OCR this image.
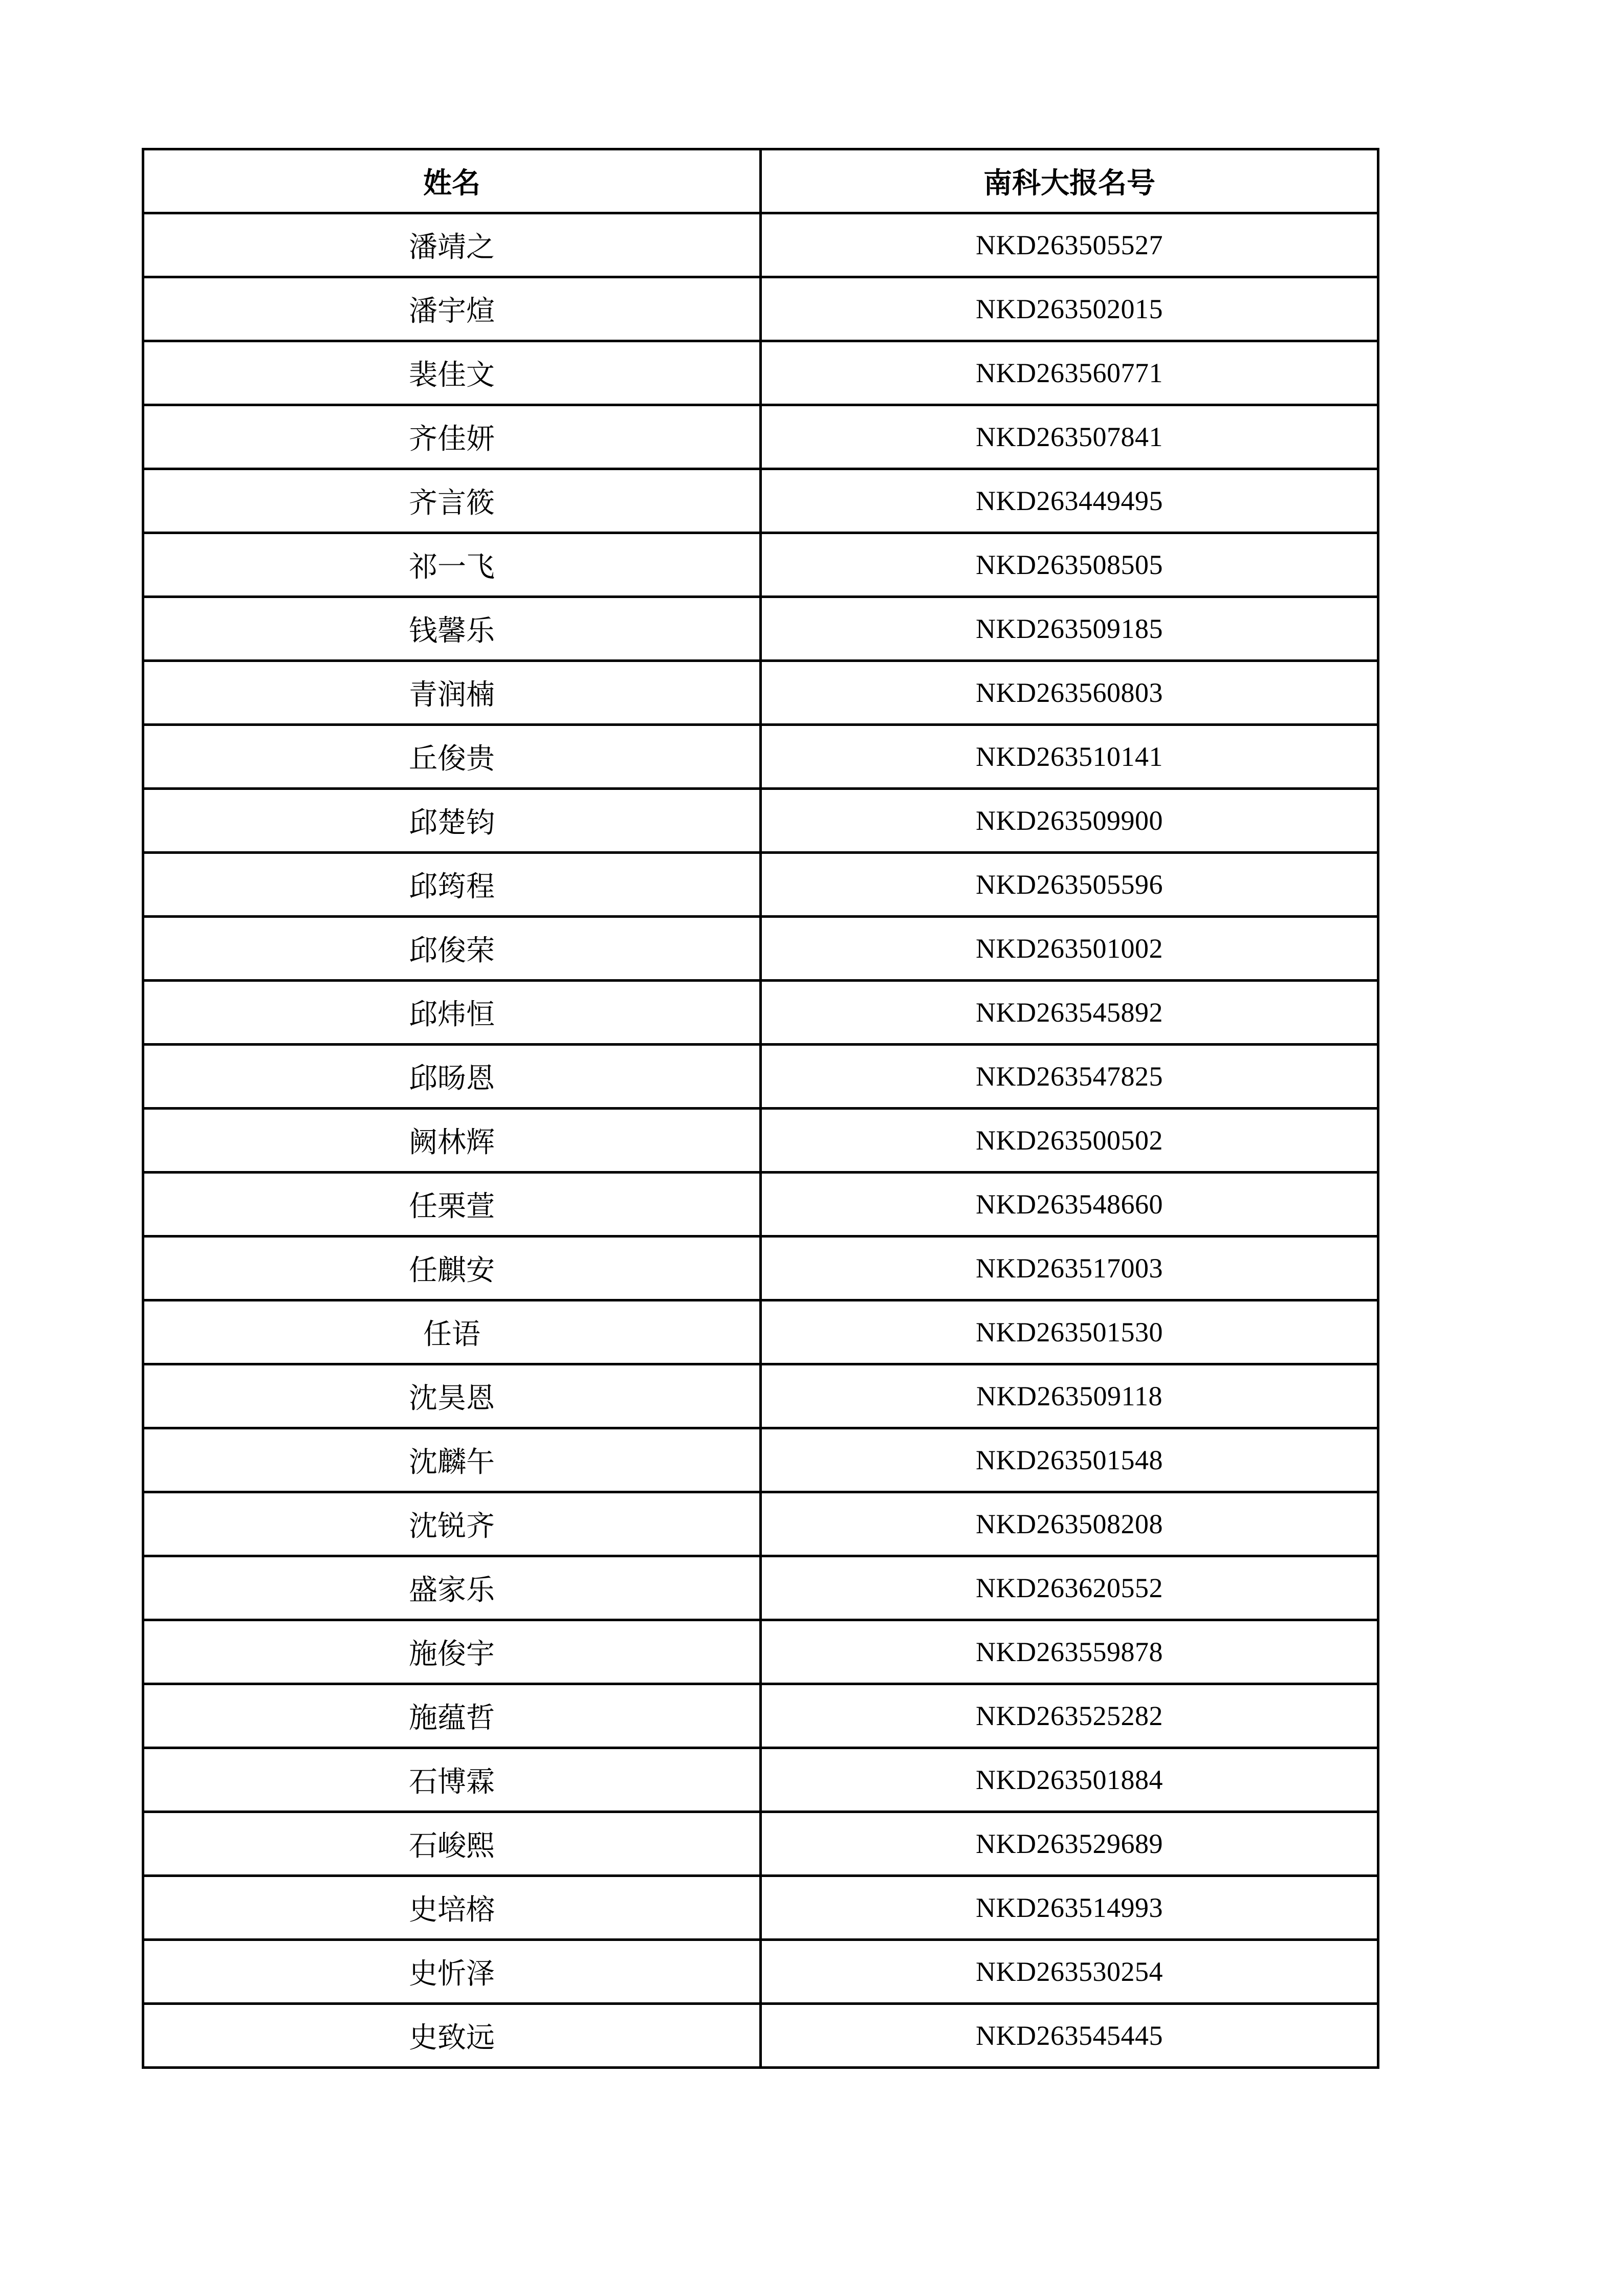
姓名	南科大报名号
潘靖之	NKD263505527
潘宇煊	NKD263502015
裴佳文	NKD263560771
齐佳妍	NKD263507841
齐言筱	NKD263449495
祁一飞	NKD263508505
钱馨乐	NKD263509185
青润楠	NKD263560803
丘俊贵	NKD263510141
邱楚钧	NKD263509900
邱筠程	NKD263505596
邱俊荣	NKD263501002
邱炜恒	NKD263545892
邱旸恩	NKD263547825
阙林辉	NKD263500502
任栗萱	NKD263548660
任麒安	NKD263517003
任语	NKD263501530
沈昊恩	NKD263509118
沈麟午	NKD263501548
沈锐齐	NKD263508208
盛家乐	NKD263620552
施俊宇	NKD263559878
施蕴哲	NKD263525282
石博霖	NKD263501884
石峻熙	NKD263529689
史培榕	NKD263514993
史忻泽	NKD263530254
史致远	NKD263545445
